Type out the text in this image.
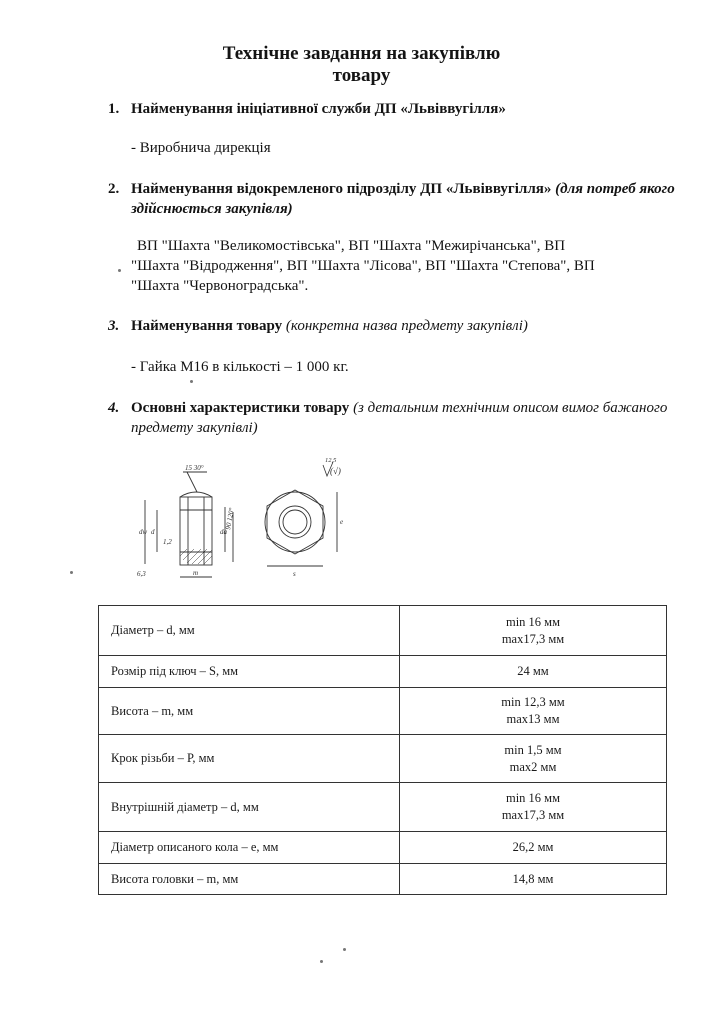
Технічне завдання на закупівлю
товару
1. Найменування ініціативної служби ДП «Львіввугілля»
- Виробнича дирекція
2. Найменування відокремленого підрозділу ДП «Львіввугілля» (для потреб якого здійснюється закупівля)
ВП "Шахта "Великомостівська", ВП "Шахта "Межирічанська", ВП
"Шахта "Відродження", ВП "Шахта "Лісова", ВП "Шахта "Степова", ВП
"Шахта "Червоноградська".
3. Найменування товару (конкретна назва предмету закупівлі)
- Гайка М16 в кількості – 1 000 кг.
4. Основні характеристики товару (з детальним технічним описом вимог бажаного предмету закупівлі)
15 30°
90 120°
dw d	da
m
1,2
6,3	s
e
12,5
(√)
Діаметр – d, мм	min 16 мм
max17,3 мм

Розмір під ключ – S, мм	24 мм

Висота – m, мм	min 12,3 мм
max13 мм

Крок різьби – Р, мм	min 1,5 мм
max2 мм

Внутрішній діаметр – d, мм	min 16 мм
max17,3 мм

Діаметр описаного кола – е, мм	26,2 мм

Висота головки – m, мм	14,8 мм
